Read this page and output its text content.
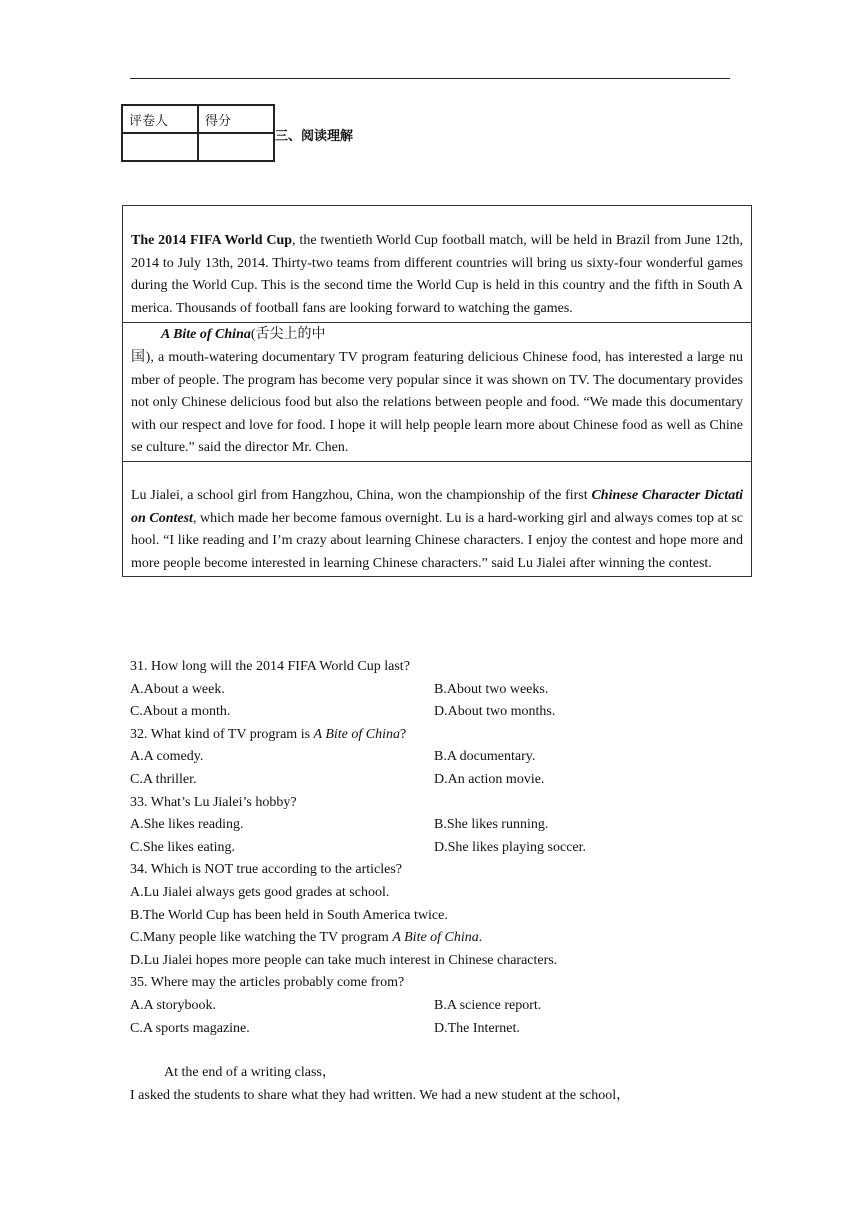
评卷人	得分

三、阅读理解
The 2014 FIFA World Cup, the twentieth World Cup football match, will be held in Brazil from June 12th, 2014 to July 13th, 2014. Thirty-two teams from different countries will bring us sixty-four wonderful games during the World Cup. This is the second time the World Cup is held in this country and the fifth in South America. Thousands of football fans are looking forward to watching the games.
A Bite of China(舌尖上的中
国), a mouth-watering documentary TV program featuring delicious Chinese food, has interested a large number of people. The program has become very popular since it was shown on TV. The documentary provides not only Chinese delicious food but also the relations between people and food. “We made this documentary with our respect and love for food. I hope it will help people learn more about Chinese food as well as Chinese culture.” said the director Mr. Chen.
Lu Jialei, a school girl from Hangzhou, China, won the championship of the first Chinese Character Dictation Contest, which made her become famous overnight. Lu is a hard-working girl and always comes top at school. “I like reading and I’m crazy about learning Chinese characters. I enjoy the contest and hope more and more people become interested in learning Chinese characters.” said Lu Jialei after winning the contest.
31. How long will the 2014 FIFA World Cup last?
A.About a week.	B.About two weeks.
C.About a month.	D.About two months.
32. What kind of TV program is A Bite of China?
A.A comedy.	B.A documentary.
C.A thriller.	D.An action movie.
33. What’s Lu Jialei’s hobby?
A.She likes reading.	B.She likes running.
C.She likes eating.	D.She likes playing soccer.
34. Which is NOT true according to the articles?
A.Lu Jialei always gets good grades at school.
B.The World Cup has been held in South America twice.
C.Many people like watching the TV program A Bite of China.
D.Lu Jialei hopes more people can take much interest in Chinese characters.
35. Where may the articles probably come from?
A.A storybook.	B.A science report.
C.A sports magazine.	D.The Internet.
At the end of a writing class，
I asked the students to share what they had written. We had a new student at the school，
